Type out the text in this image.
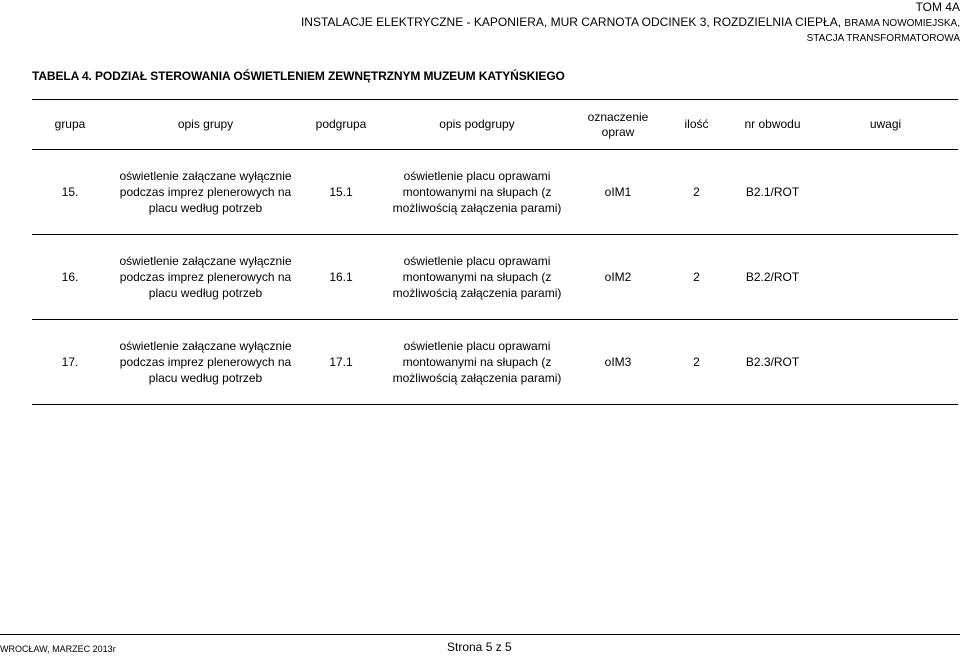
TOM 4A
INSTALACJE ELEKTRYCZNE - KAPONIERA, MUR CARNOTA ODCINEK 3, ROZDZIELNIA CIEPŁA, BRAMA NOWOMIEJSKA,
STACJA TRANSFORMATOROWA
TABELA 4. PODZIAŁ STEROWANIA OŚWIETLENIEM ZEWNĘTRZNYM MUZEUM KATYŃSKIEGO
grupa	opis grupy	podgrupa	opis podgrupy	oznaczenie
opraw	ilość	nr obwodu	uwagi
15.	oświetlenie załączane wyłącznie
podczas imprez plenerowych na
placu według potrzeb	15.1	oświetlenie placu oprawami
montowanymi na słupach (z
możliwością załączenia parami)	oIM1	2	B2.1/ROT	
16.	oświetlenie załączane wyłącznie
podczas imprez plenerowych na
placu według potrzeb	16.1	oświetlenie placu oprawami
montowanymi na słupach (z
możliwością załączenia parami)	oIM2	2	B2.2/ROT	
17.	oświetlenie załączane wyłącznie
podczas imprez plenerowych na
placu według potrzeb	17.1	oświetlenie placu oprawami
montowanymi na słupach (z
możliwością załączenia parami)	oIM3	2	B2.3/ROT	
WROCŁAW, MARZEC 2013r	Strona 5 z 5
